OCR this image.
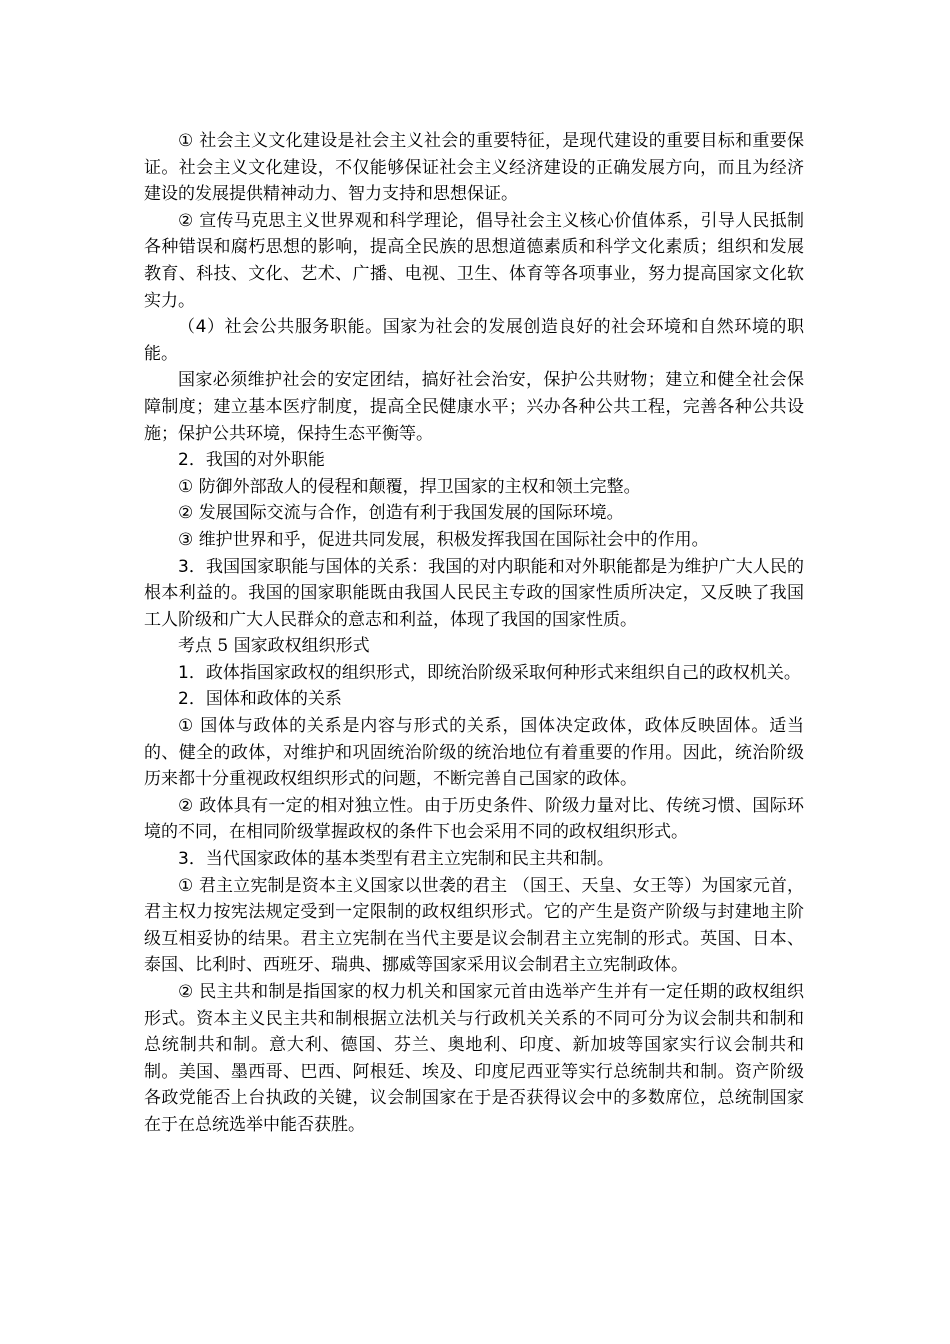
① 社会主义文化建设是社会主义社会的重要特征，是现代建设的重要目标和重要保证。社会主义文化建设，不仅能够保证社会主义经济建设的正确发展方向，而且为经济建设的发展提供精神动力、智力支持和思想保证。

② 宣传马克思主义世界观和科学理论，倡导社会主义核心价值体系，引导人民抵制各种错误和腐朽思想的影响，提高全民族的思想道德素质和科学文化素质；组织和发展教育、科技、文化、艺术、广播、电视、卫生、体育等各项事业，努力提高国家文化软实力。

（4）社会公共服务职能。国家为社会的发展创造良好的社会环境和自然环境的职能。

国家必须维护社会的安定团结，搞好社会治安，保护公共财物；建立和健全社会保障制度；建立基本医疗制度，提高全民健康水平；兴办各种公共工程，完善各种公共设施；保护公共环境，保持生态平衡等。

2．我国的对外职能

① 防御外部敌人的侵程和颠覆，捍卫国家的主权和领土完整。

② 发展国际交流与合作，创造有利于我国发展的国际环境。

③ 维护世界和乎，促进共同发展，积极发挥我国在国际社会中的作用。

3．我国国家职能与国体的关系：我国的对内职能和对外职能都是为维护广大人民的根本利益的。我国的国家职能既由我国人民民主专政的国家性质所决定，又反映了我国工人阶级和广大人民群众的意志和利益，体现了我国的国家性质。

考点 5 国家政权组织形式

1．政体指国家政权的组织形式，即统治阶级采取何种形式来组织自己的政权机关。

2．国体和政体的关系

① 国体与政体的关系是内容与形式的关系，国体决定政体，政体反映固体。适当的、健全的政体，对维护和巩固统治阶级的统治地位有着重要的作用。因此，统治阶级历来都十分重视政权组织形式的问题，不断完善自己国家的政体。

② 政体具有一定的相对独立性。由于历史条件、阶级力量对比、传统习惯、国际环境的不同，在相同阶级掌握政权的条件下也会采用不同的政权组织形式。

3．当代国家政体的基本类型有君主立宪制和民主共和制。

① 君主立宪制是资本主义国家以世袭的君主 （国王、天皇、女王等）为国家元首，君主权力按宪法规定受到一定限制的政权组织形式。它的产生是资产阶级与封建地主阶级互相妥协的结果。君主立宪制在当代主要是议会制君主立宪制的形式。英国、日本、泰国、比利时、西班牙、瑞典、挪威等国家采用议会制君主立宪制政体。

② 民主共和制是指国家的权力机关和国家元首由选举产生并有一定任期的政权组织形式。资本主义民主共和制根据立法机关与行政机关关系的不同可分为议会制共和制和总统制共和制。意大利、德国、芬兰、奥地利、印度、新加坡等国家实行议会制共和制。美国、墨西哥、巴西、阿根廷、埃及、印度尼西亚等实行总统制共和制。资产阶级各政党能否上台执政的关键，议会制国家在于是否获得议会中的多数席位，总统制国家在于在总统选举中能否获胜。
